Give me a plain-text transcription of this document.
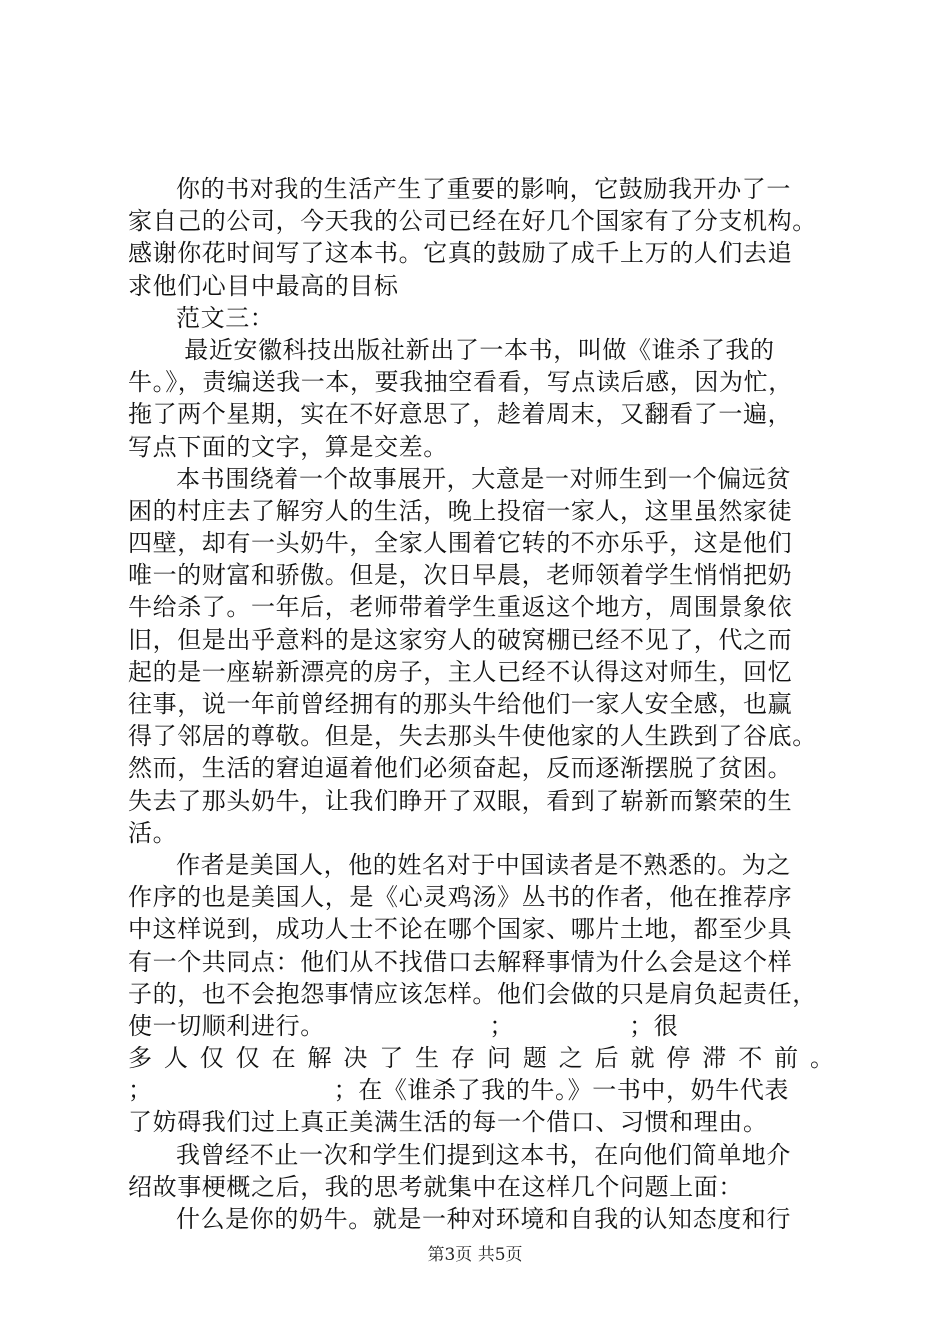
你的书对我的生活产生了重要的影响，它鼓励我开办了一
家自己的公司，今天我的公司已经在好几个国家有了分支机构。
感谢你花时间写了这本书。它真的鼓励了成千上万的人们去追
求他们心目中最高的目标
范文三：
最近安徽科技出版社新出了一本书，叫做《谁杀了我的
牛。》，责编送我一本，要我抽空看看，写点读后感，因为忙，
拖了两个星期，实在不好意思了，趁着周末，又翻看了一遍，
写点下面的文字，算是交差。
本书围绕着一个故事展开，大意是一对师生到一个偏远贫
困的村庄去了解穷人的生活，晚上投宿一家人，这里虽然家徒
四壁，却有一头奶牛，全家人围着它转的不亦乐乎，这是他们
唯一的财富和骄傲。但是，次日早晨，老师领着学生悄悄把奶
牛给杀了。一年后，老师带着学生重返这个地方，周围景象依
旧，但是出乎意料的是这家穷人的破窝棚已经不见了，代之而
起的是一座崭新漂亮的房子，主人已经不认得这对师生，回忆
往事，说一年前曾经拥有的那头牛给他们一家人安全感，也赢
得了邻居的尊敬。但是，失去那头牛使他家的人生跌到了谷底。
然而，生活的窘迫逼着他们必须奋起，反而逐渐摆脱了贫困。
失去了那头奶牛，让我们睁开了双眼，看到了崭新而繁荣的生
活。
作者是美国人，他的姓名对于中国读者是不熟悉的。为之
作序的也是美国人，是《心灵鸡汤》丛书的作者，他在推荐序
中这样说到，成功人士不论在哪个国家、哪片土地，都至少具
有一个共同点：他们从不找借口去解释事情为什么会是这个样
子的，也不会抱怨事情应该怎样。他们会做的只是肩负起责任，
使一切顺利进行。                    ；              ；很
多 人 仅 仅 在 解 决 了 生 存 问 题 之 后 就 停 滞 不 前 。
；                      ；在《谁杀了我的牛。》一书中，奶牛代表
了妨碍我们过上真正美满生活的每一个借口、习惯和理由。
我曾经不止一次和学生们提到这本书，在向他们简单地介
绍故事梗概之后，我的思考就集中在这样几个问题上面：
什么是你的奶牛。就是一种对环境和自我的认知态度和行
第3页 共5页
